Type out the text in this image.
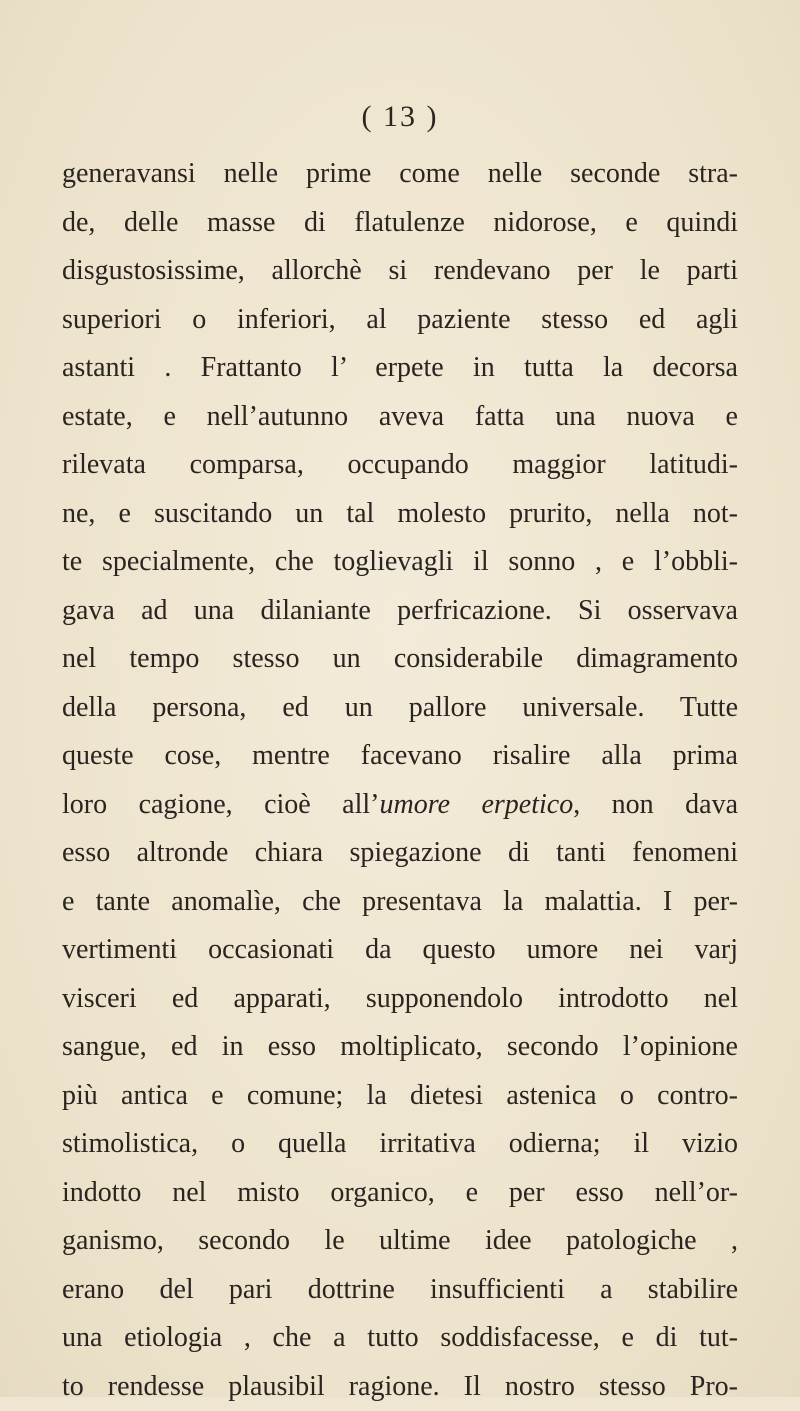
( 13 )
generavansi nelle prime come nelle seconde stra-
de, delle masse di flatulenze nidorose, e quindi
disgustosissime, allorchè si rendevano per le parti
superiori o inferiori, al paziente stesso ed agli
astanti . Frattanto l’ erpete in tutta la decorsa
estate, e nell’autunno aveva fatta una nuova e
rilevata comparsa, occupando maggior latitudi-
ne, e suscitando un tal molesto prurito, nella not-
te specialmente, che toglievagli il sonno , e l’obbli-
gava ad una dilaniante perfricazione. Si osservava
nel tempo stesso un considerabile dimagramento
della persona, ed un pallore universale. Tutte
queste cose, mentre facevano risalire alla prima
loro cagione, cioè all’umore erpetico, non dava
esso altronde chiara spiegazione di tanti fenomeni
e tante anomalìe, che presentava la malattia. I per-
vertimenti occasionati da questo umore nei varj
visceri ed apparati, supponendolo introdotto nel
sangue, ed in esso moltiplicato, secondo l’opinione
più antica e comune; la dietesi astenica o contro-
stimolistica, o quella irritativa odierna; il vizio
indotto nel misto organico, e per esso nell’or-
ganismo, secondo le ultime idee patologiche ,
erano del pari dottrine insufficienti a stabilire
una etiologia , che a tutto soddisfacesse, e di tut-
to rendesse plausibil ragione. Il nostro stesso Pro-
